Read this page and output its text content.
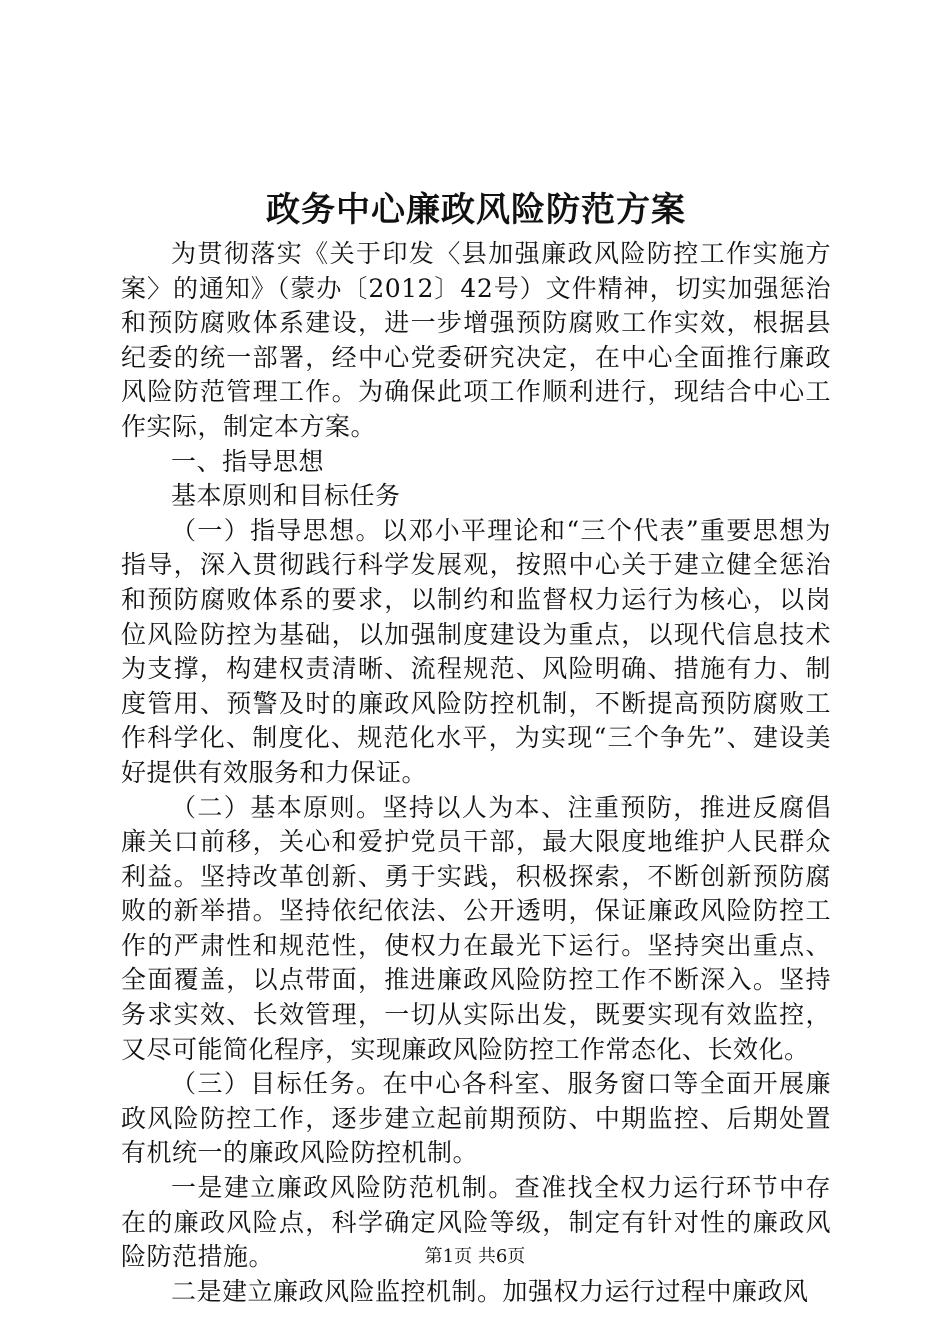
政务中心廉政风险防范方案

为贯彻落实《关于印发〈县加强廉政风险防控工作实施方案〉的通知》（蒙办〔2012〕42号）文件精神，切实加强惩治和预防腐败体系建设，进一步增强预防腐败工作实效，根据县纪委的统一部署，经中心党委研究决定，在中心全面推行廉政风险防范管理工作。为确保此项工作顺利进行，现结合中心工作实际，制定本方案。

一、指导思想

基本原则和目标任务

（一）指导思想。以邓小平理论和“三个代表”重要思想为指导，深入贯彻践行科学发展观，按照中心关于建立健全惩治和预防腐败体系的要求，以制约和监督权力运行为核心，以岗位风险防控为基础，以加强制度建设为重点，以现代信息技术为支撑，构建权责清晰、流程规范、风险明确、措施有力、制度管用、预警及时的廉政风险防控机制，不断提高预防腐败工作科学化、制度化、规范化水平，为实现“三个争先”、建设美好提供有效服务和力保证。

（二）基本原则。坚持以人为本、注重预防，推进反腐倡廉关口前移，关心和爱护党员干部，最大限度地维护人民群众利益。坚持改革创新、勇于实践，积极探索，不断创新预防腐败的新举措。坚持依纪依法、公开透明，保证廉政风险防控工作的严肃性和规范性，使权力在最光下运行。坚持突出重点、全面覆盖，以点带面，推进廉政风险防控工作不断深入。坚持务求实效、长效管理，一切从实际出发，既要实现有效监控，又尽可能简化程序，实现廉政风险防控工作常态化、长效化。

（三）目标任务。在中心各科室、服务窗口等全面开展廉政风险防控工作，逐步建立起前期预防、中期监控、后期处置有机统一的廉政风险防控机制。

一是建立廉政风险防范机制。查准找全权力运行环节中存在的廉政风险点，科学确定风险等级，制定有针对性的廉政风险防范措施。

二是建立廉政风险监控机制。加强权力运行过程中廉政风

第1页 共6页
